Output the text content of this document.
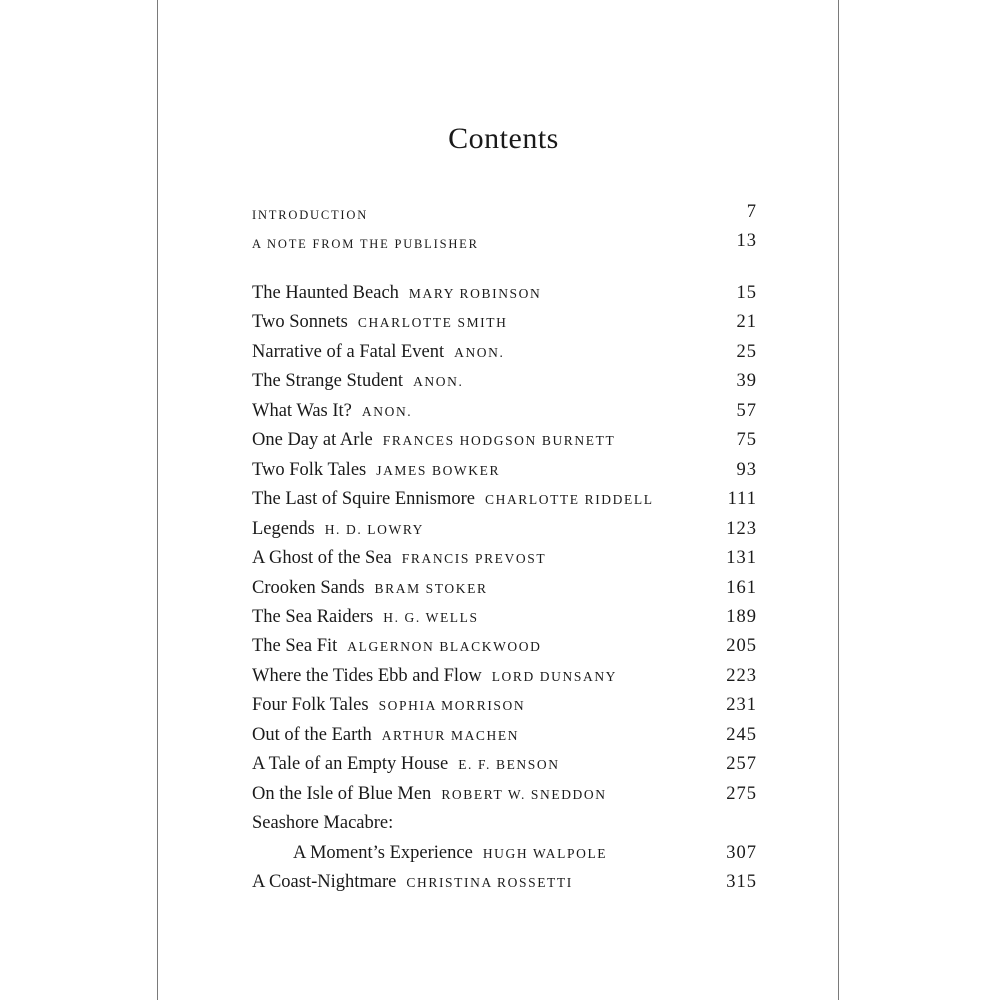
Contents
INTRODUCTION	7
A NOTE FROM THE PUBLISHER	13
The Haunted Beach MARY ROBINSON	15
Two Sonnets CHARLOTTE SMITH	21
Narrative of a Fatal Event ANON.	25
The Strange Student ANON.	39
What Was It? ANON.	57
One Day at Arle FRANCES HODGSON BURNETT	75
Two Folk Tales JAMES BOWKER	93
The Last of Squire Ennismore CHARLOTTE RIDDELL	111
Legends H. D. LOWRY	123
A Ghost of the Sea FRANCIS PREVOST	131
Crooken Sands BRAM STOKER	161
The Sea Raiders H. G. WELLS	189
The Sea Fit ALGERNON BLACKWOOD	205
Where the Tides Ebb and Flow LORD DUNSANY	223
Four Folk Tales SOPHIA MORRISON	231
Out of the Earth ARTHUR MACHEN	245
A Tale of an Empty House E. F. BENSON	257
On the Isle of Blue Men ROBERT W. SNEDDON	275
Seashore Macabre:
A Moment’s Experience HUGH WALPOLE	307
A Coast-Nightmare CHRISTINA ROSSETTI	315
